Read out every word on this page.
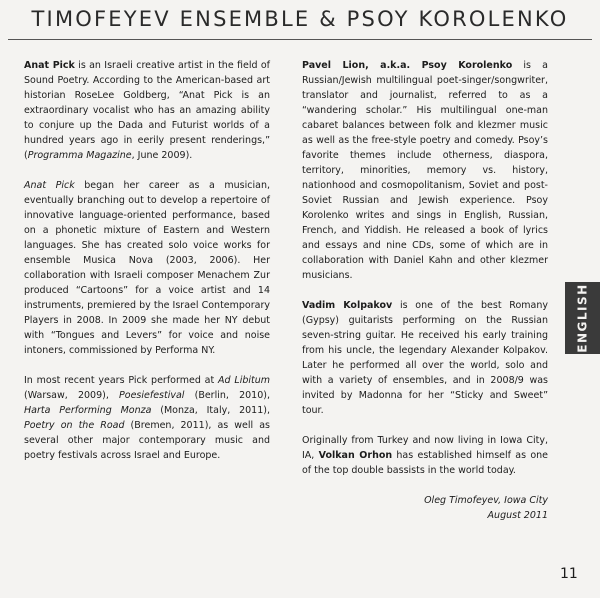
TIMOFEYEV ENSEMBLE & PSOY KOROLENKO

Anat Pick is an Israeli creative artist in the field of Sound Poetry. According to the American-based art historian RoseLee Goldberg, “Anat Pick is an extraordinary vocalist who has an amazing ability to conjure up the Dada and Futurist worlds of a hundred years ago in eerily present renderings,” (Programma Magazine, June 2009).

Anat Pick began her career as a musician, eventually branching out to develop a repertoire of innovative language-oriented performance, based on a phonetic mixture of Eastern and Western languages. She has created solo voice works for ensemble Musica Nova (2003, 2006). Her collaboration with Israeli composer Menachem Zur produced “Cartoons” for a voice artist and 14 instruments, premiered by the Israel Contemporary Players in 2008. In 2009 she made her NY debut with “Tongues and Levers” for voice and noise intoners, commissioned by Performa NY.

In most recent years Pick performed at Ad Libitum (Warsaw, 2009), Poesiefestival (Berlin, 2010), Harta Performing Monza (Monza, Italy, 2011), Poetry on the Road (Bremen, 2011), as well as several other major contemporary music and poetry festivals across Israel and Europe.

Pavel Lion, a.k.a. Psoy Korolenko is a Russian/Jewish multilingual poet-singer/songwriter, translator and journalist, referred to as a “wandering scholar.” His multilingual one-man cabaret balances between folk and klezmer music as well as the free-style poetry and comedy. Psoy’s favorite themes include otherness, diaspora, territory, minorities, memory vs. history, nationhood and cosmopolitanism, Soviet and post-Soviet Russian and Jewish experience. Psoy Korolenko writes and sings in English, Russian, French, and Yiddish. He released a book of lyrics and essays and nine CDs, some of which are in collaboration with Daniel Kahn and other klezmer musicians.

Vadim Kolpakov is one of the best Romany (Gypsy) guitarists performing on the Russian seven-string guitar. He received his early training from his uncle, the legendary Alexander Kolpakov. Later he performed all over the world, solo and with a variety of ensembles, and in 2008/9 was invited by Madonna for her “Sticky and Sweet” tour.

Originally from Turkey and now living in Iowa City, IA, Volkan Orhon has established himself as one of the top double bassists in the world today.

Oleg Timofeyev, Iowa City
August 2011
ENGLISH
11
